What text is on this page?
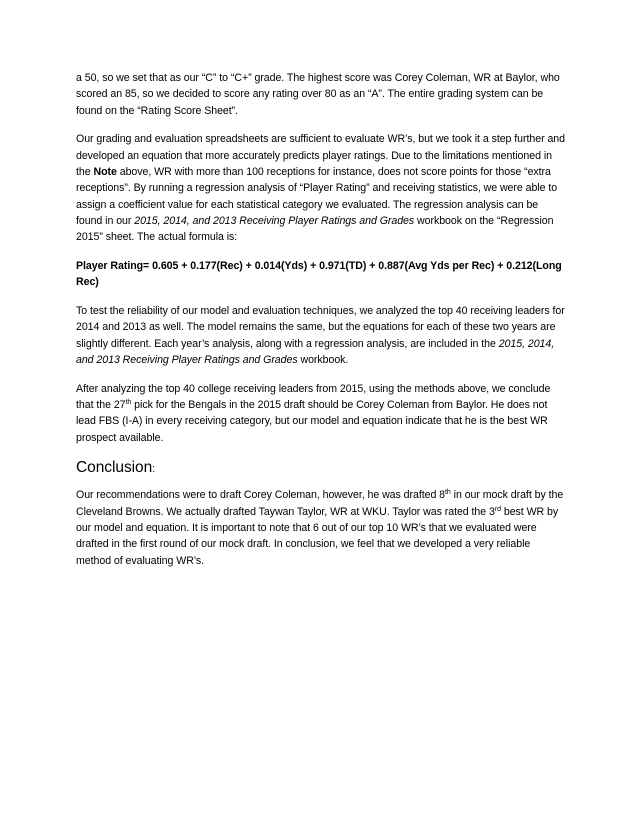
a 50, so we set that as our “C” to “C+” grade. The highest score was Corey Coleman, WR at Baylor, who scored an 85, so we decided to score any rating over 80 as an “A”. The entire grading system can be found on the “Rating Score Sheet”.

Our grading and evaluation spreadsheets are sufficient to evaluate WR’s, but we took it a step further and developed an equation that more accurately predicts player ratings. Due to the limitations mentioned in the Note above, WR with more than 100 receptions for instance, does not score points for those “extra receptions”. By running a regression analysis of “Player Rating” and receiving statistics, we were able to assign a coefficient value for each statistical category we evaluated. The regression analysis can be found in our 2015, 2014, and 2013 Receiving Player Ratings and Grades workbook on the “Regression 2015” sheet. The actual formula is:

Player Rating= 0.605 + 0.177(Rec) + 0.014(Yds) + 0.971(TD) + 0.887(Avg Yds per Rec) + 0.212(Long Rec)

To test the reliability of our model and evaluation techniques, we analyzed the top 40 receiving leaders for 2014 and 2013 as well. The model remains the same, but the equations for each of these two years are slightly different. Each year’s analysis, along with a regression analysis, are included in the 2015, 2014, and 2013 Receiving Player Ratings and Grades workbook.

After analyzing the top 40 college receiving leaders from 2015, using the methods above, we conclude that the 27th pick for the Bengals in the 2015 draft should be Corey Coleman from Baylor. He does not lead FBS (I-A) in every receiving category, but our model and equation indicate that he is the best WR prospect available.

Conclusion:

Our recommendations were to draft Corey Coleman, however, he was drafted 8th in our mock draft by the Cleveland Browns. We actually drafted Taywan Taylor, WR at WKU. Taylor was rated the 3rd best WR by our model and equation. It is important to note that 6 out of our top 10 WR’s that we evaluated were drafted in the first round of our mock draft. In conclusion, we feel that we developed a very reliable method of evaluating WR’s.
